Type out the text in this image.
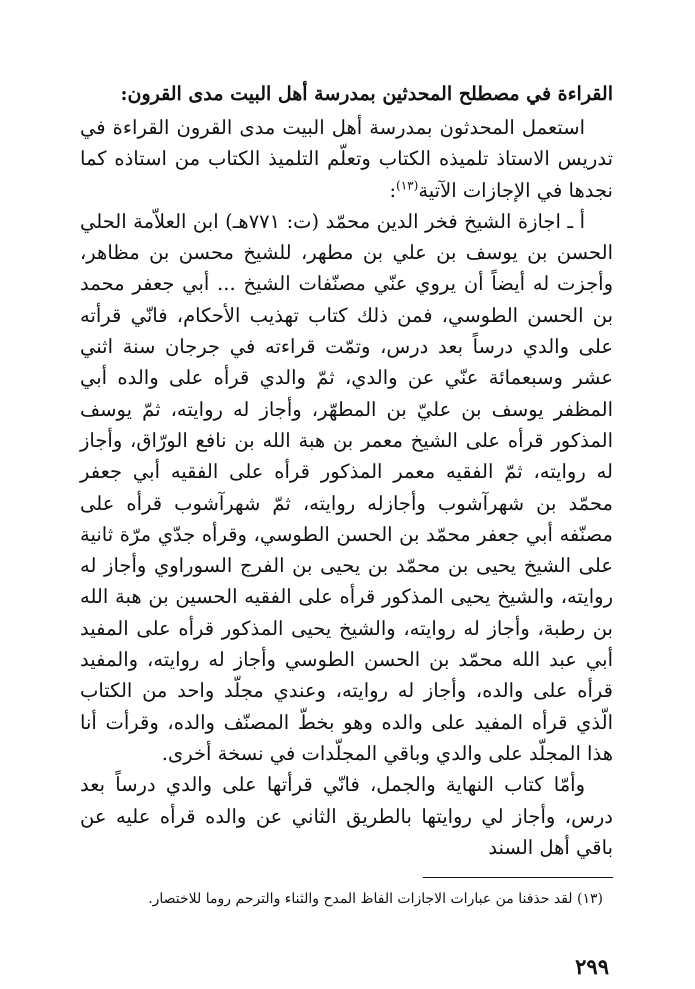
القراءة في مصطلح المحدثين بمدرسة أهل البيت مدى القرون:

استعمل المحدثون بمدرسة أهل البيت مدى القرون القراءة في تدريس الاستاذ تلميذه الكتاب وتعلّم التلميذ الكتاب من استاذه كما نجدها في الإجازات الآتية$^{(١٣)}$:

أ ـ اجازة الشيخ فخر الدين محمّد (ت: ٧٧١هـ) ابن العلاّمة الحلي الحسن بن يوسف بن علي بن مطهر، للشيخ محسن بن مظاهر، وأجزت له أيضاً أن يروي عنّي مصنّفات الشيخ ... أبي جعفر محمد بن الحسن الطوسي، فمن ذلك كتاب تهذيب الأحكام، فانّي قرأته على والدي درساً بعد درس، وتمّت قراءته في جرجان سنة اثني عشر وسبعمائة عنّي عن والدي، ثمّ والدي قرأه على والده أبي المظفر يوسف بن عليّ بن المطهّر، وأجاز له روايته، ثمّ يوسف المذكور قرأه على الشيخ معمر بن هبة الله بن نافع الورّاق، وأجاز له روايته، ثمّ الفقيه معمر المذكور قرأه على الفقيه أبي جعفر محمّد بن شهرآشوب وأجازله روايته، ثمّ شهرآشوب قرأه على مصنّفه أبي جعفر محمّد بن الحسن الطوسي، وقرأه جدّي مرّة ثانية على الشيخ يحيى بن محمّد بن يحيى بن الفرج السوراوي وأجاز له روايته، والشيخ يحيى المذكور قرأه على الفقيه الحسين بن هبة الله بن رطبة، وأجاز له روايته، والشيخ يحيى المذكور قرأه على المفيد أبي عبد الله محمّد بن الحسن الطوسي وأجاز له روايته، والمفيد قرأه على والده، وأجاز له روايته، وعندي مجلّد واحد من الكتاب الّذي قرأه المفيد على والده وهو بخطّ المصنّف والده، وقرأت أنا هذا المجلّد على والدي وباقي المجلّدات في نسخة أخرى.

وأمّا كتاب النهاية والجمل، فانّي قرأتها على والدي درساً بعد درس، وأجاز لي روايتها بالطريق الثاني عن والده قرأه عليه عن باقي أهل السند

(١٣) لقد حذفنا من عبارات الاجازات الفاظ المدح والثناء والترحم روما للاختصار.

٢٩٩
